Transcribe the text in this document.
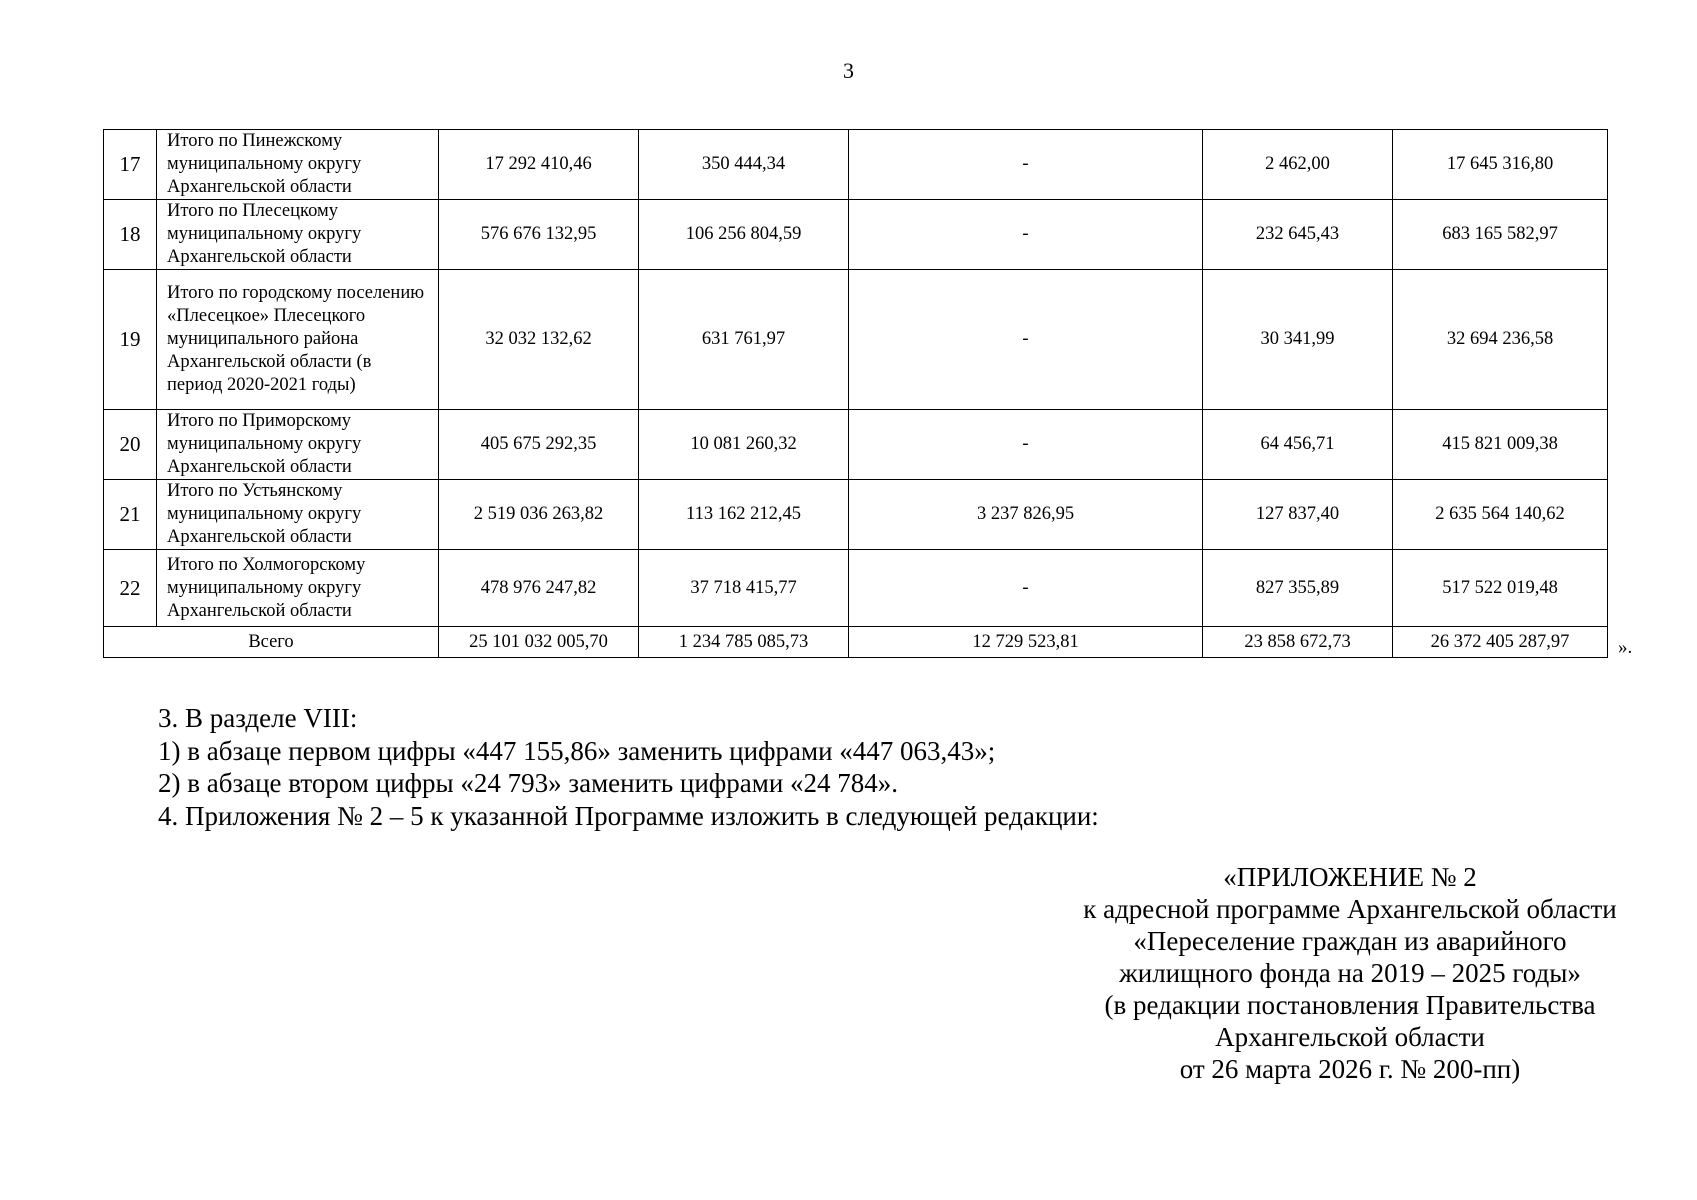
3
17	Итого по Пинежскому муниципальному округу Архангельской области	17 292 410,46	350 444,34	-	2 462,00	17 645 316,80
18	Итого по Плесецкому муниципальному округу Архангельской области	576 676 132,95	106 256 804,59	-	232 645,43	683 165 582,97
19	Итого по городскому поселению «Плесецкое» Плесецкого муниципального района Архангельской области (в период 2020-2021 годы)	32 032 132,62	631 761,97	-	30 341,99	32 694 236,58
20	Итого по Приморскому муниципальному округу Архангельской области	405 675 292,35	10 081 260,32	-	64 456,71	415 821 009,38
21	Итого по Устьянскому муниципальному округу Архангельской области	2 519 036 263,82	113 162 212,45	3 237 826,95	127 837,40	2 635 564 140,62
22	Итого по Холмогорскому муниципальному округу Архангельской области	478 976 247,82	37 718 415,77	-	827 355,89	517 522 019,48
Всего		25 101 032 005,70	1 234 785 085,73	12 729 523,81	23 858 672,73	26 372 405 287,97	».
3. В разделе VIII:
1) в абзаце первом цифры «447 155,86» заменить цифрами «447 063,43»;
2) в абзаце втором цифры «24 793» заменить цифрами «24 784».
4. Приложения № 2 – 5 к указанной Программе изложить в следующей редакции:
«ПРИЛОЖЕНИЕ № 2
к адресной программе Архангельской области
«Переселение граждан из аварийного
жилищного фонда на 2019 – 2025 годы»
(в редакции постановления Правительства
Архангельской области
от 26 марта 2026 г. № 200-пп)
